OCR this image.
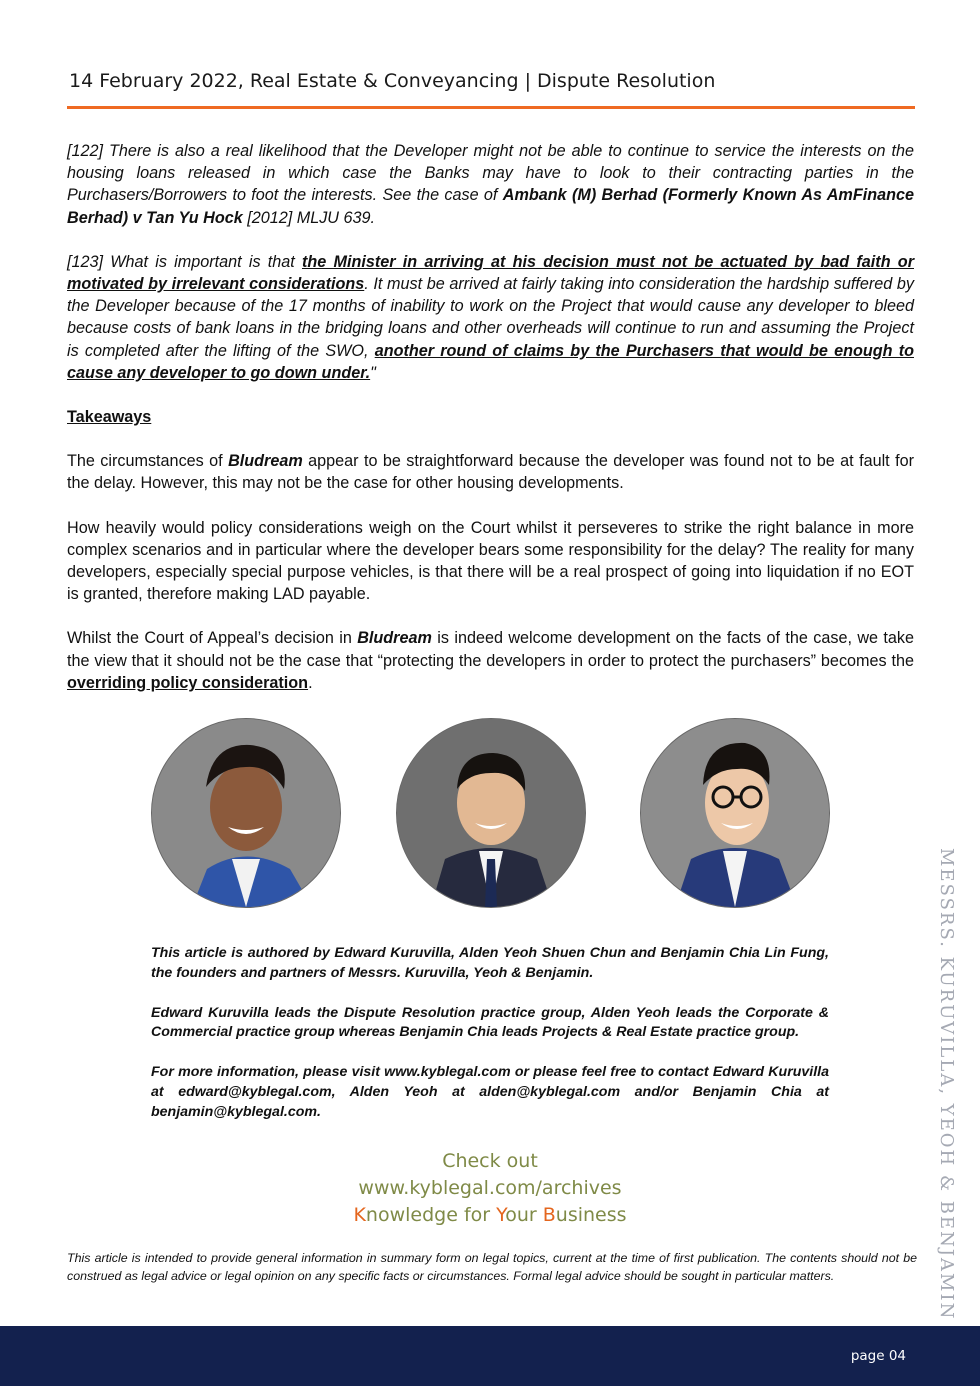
14 February 2022, Real Estate & Conveyancing | Dispute Resolution

[122] There is also a real likelihood that the Developer might not be able to continue to service the interests on the housing loans released in which case the Banks may have to look to their contracting parties in the Purchasers/Borrowers to foot the interests. See the case of Ambank (M) Berhad (Formerly Known As AmFinance Berhad) v Tan Yu Hock [2012] MLJU 639.

[123] What is important is that the Minister in arriving at his decision must not be actuated by bad faith or motivated by irrelevant considerations. It must be arrived at fairly taking into consideration the hardship suffered by the Developer because of the 17 months of inability to work on the Project that would cause any developer to bleed because costs of bank loans in the bridging loans and other overheads will continue to run and assuming the Project is completed after the lifting of the SWO, another round of claims by the Purchasers that would be enough to cause any developer to go down under."

Takeaways

The circumstances of Bludream appear to be straightforward because the developer was found not to be at fault for the delay. However, this may not be the case for other housing developments.

How heavily would policy considerations weigh on the Court whilst it perseveres to strike the right balance in more complex scenarios and in particular where the developer bears some responsibility for the delay? The reality for many developers, especially special purpose vehicles, is that there will be a real prospect of going into liquidation if no EOT is granted, therefore making LAD payable.

Whilst the Court of Appeal’s decision in Bludream is indeed welcome development on the facts of the case, we take the view that it should not be the case that “protecting the developers in order to protect the purchasers” becomes the overriding policy consideration.

This article is authored by Edward Kuruvilla, Alden Yeoh Shuen Chun and Benjamin Chia Lin Fung, the founders and partners of Messrs. Kuruvilla, Yeoh & Benjamin.

Edward Kuruvilla leads the Dispute Resolution practice group, Alden Yeoh leads the Corporate & Commercial practice group whereas Benjamin Chia leads Projects & Real Estate practice group.

For more information, please visit www.kyblegal.com or please feel free to contact Edward Kuruvilla at edward@kyblegal.com, Alden Yeoh at alden@kyblegal.com and/or Benjamin Chia at benjamin@kyblegal.com.

Check out
www.kyblegal.com/archives
Knowledge for Your Business
This article is intended to provide general information in summary form on legal topics, current at the time of first publication. The contents should not be construed as legal advice or legal opinion on any specific facts or circumstances. Formal legal advice should be sought in particular matters.	MESSRS. KURUVILLA, YEOH & BENJAMIN
page 04
